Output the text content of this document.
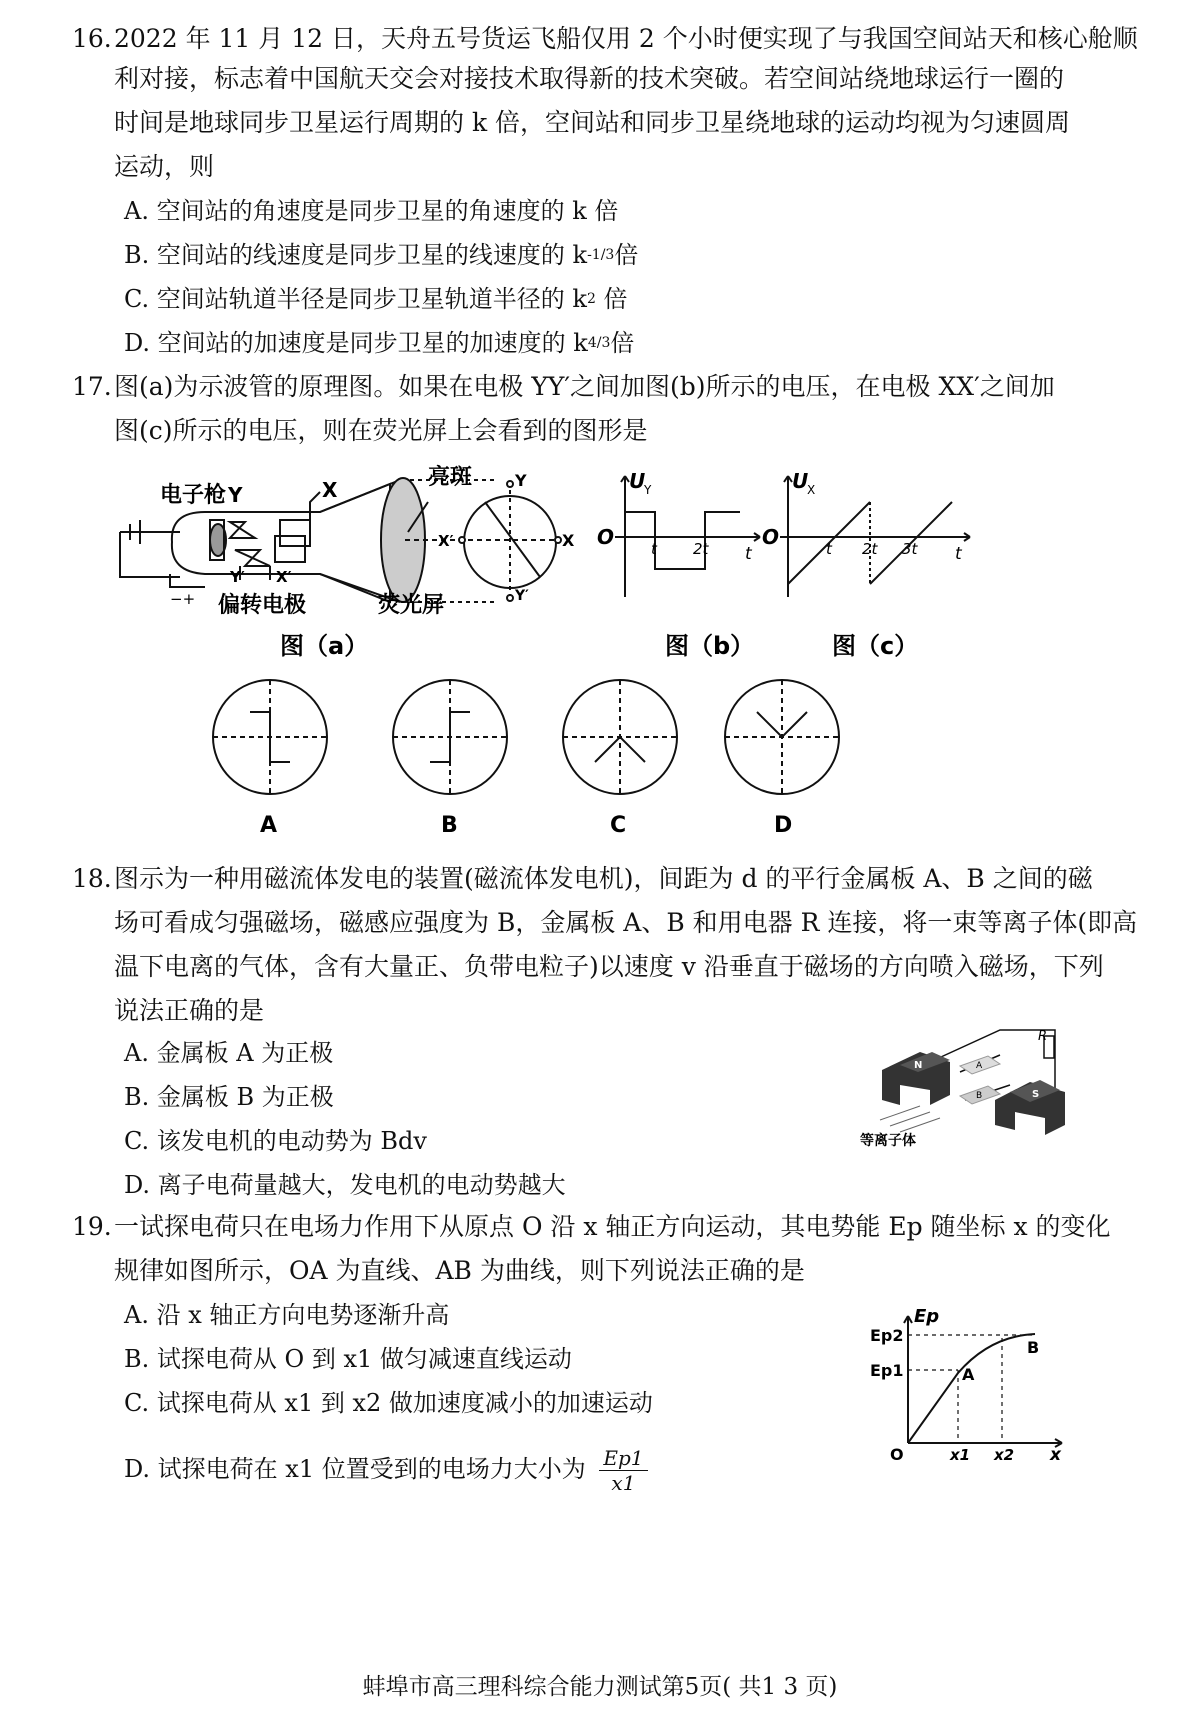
16. 2022 年 11 月 12 日，天舟五号货运飞船仅用 2 个小时便实现了与我国空间站天和核心舱顺
利对接，标志着中国航天交会对接技术取得新的技术突破。若空间站绕地球运行一圈的
时间是地球同步卫星运行周期的 k 倍，空间站和同步卫星绕地球的运动均视为匀速圆周
运动，则
A. 空间站的角速度是同步卫星的角速度的 k 倍
B. 空间站的线速度是同步卫星的线速度的 $k^{-1/3}$倍
C. 空间站轨道半径是同步卫星轨道半径的 $k^2$ 倍
D. 空间站的加速度是同步卫星的加速度的 $k^{4/3}$倍
17. 图(a)为示波管的原理图。如果在电极 YY′之间加图(b)所示的电压，在电极 XX′之间加
图(c)所示的电压，则在荧光屏上会看到的图形是
电子枪 Y	X
Y′ X′
−+ 偏转电极
亮斑
荧光屏
Y
Y′
X
X′
U
Y
O t 2t t
U
X
O	t 2t 3t t
图（a）	图（b）	图（c）
A	B	C	D
18. 图示为一种用磁流体发电的装置(磁流体发电机)，间距为 d 的平行金属板 A、B 之间的磁
场可看成匀强磁场，磁感应强度为 B，金属板 A、B 和用电器 R 连接，将一束等离子体(即高
温下电离的气体，含有大量正、负带电粒子)以速度 v 沿垂直于磁场的方向喷入磁场，下列
说法正确的是
A. 金属板 A 为正极
B. 金属板 B 为正极
C. 该发电机的电动势为 Bdv
D. 离子电荷量越大，发电机的电动势越大
N
S
A
B
R
等离子体
19. 一试探电荷只在电场力作用下从原点 O 沿 x 轴正方向运动，其电势能 Ep 随坐标 x 的变化
规律如图所示，OA 为直线、AB 为曲线，则下列说法正确的是
A. 沿 x 轴正方向电势逐渐升高
B. 试探电荷从 O 到 x1 做匀减速直线运动
C. 试探电荷从 x1 到 x2 做加速度减小的加速运动
D. 试探电荷在 x1 位置受到的电场力大小为 $\frac{Ep1}{x1}$
Ep
Ep2
Ep1	A
B
O	x1 x2 x
蚌埠市高三理科综合能力测试第5页( 共1 3 页)
